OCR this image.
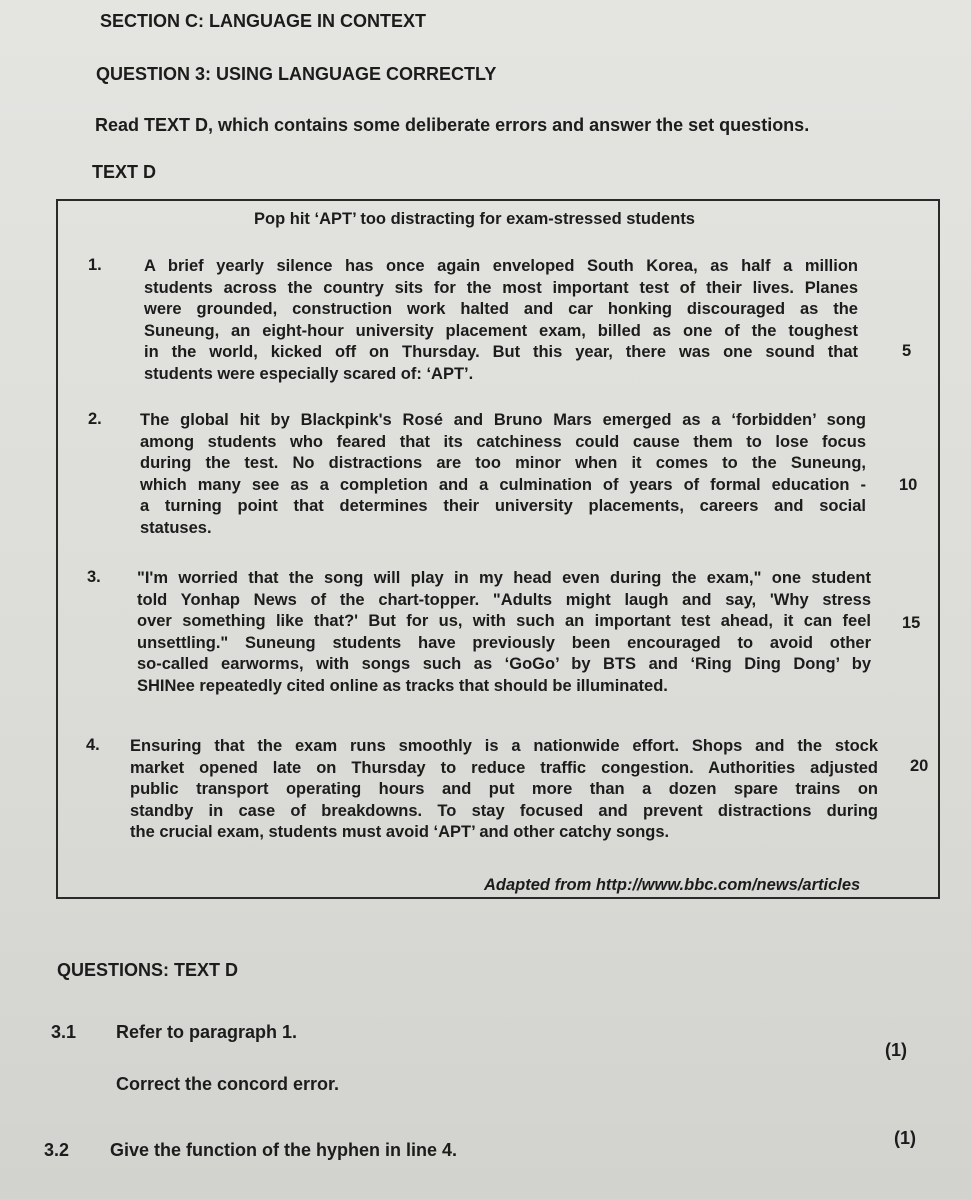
SECTION C: LANGUAGE IN CONTEXT
QUESTION 3: USING LANGUAGE CORRECTLY
Read TEXT D, which contains some deliberate errors and answer the set questions.
TEXT D
Pop hit ‘APT’ too distracting for exam-stressed students
1.	A brief yearly silence has once again enveloped South Korea, as half a million
students across the country sits for the most important test of their lives. Planes
were grounded, construction work halted and car honking discouraged as the
Suneung, an eight-hour university placement exam, billed as one of the toughest
in the world, kicked off on Thursday. But this year, there was one sound that
students were especially scared of: ‘APT’.
5
2. The global hit by Blackpink's Rosé and Bruno Mars emerged as a ‘forbidden’ song
among students who feared that its catchiness could cause them to lose focus
during the test. No distractions are too minor when it comes to the Suneung,
which many see as a completion and a culmination of years of formal education -
a turning point that determines their university placements, careers and social
statuses.
10
3. "I'm worried that the song will play in my head even during the exam," one student
told Yonhap News of the chart-topper. "Adults might laugh and say, 'Why stress
over something like that?' But for us, with such an important test ahead, it can feel
unsettling." Suneung students have previously been encouraged to avoid other
so-called earworms, with songs such as ‘GoGo’ by BTS and ‘Ring Ding Dong’ by
SHINee repeatedly cited online as tracks that should be illuminated.
15
4. Ensuring that the exam runs smoothly is a nationwide effort. Shops and the stock
market opened late on Thursday to reduce traffic congestion. Authorities adjusted
public transport operating hours and put more than a dozen spare trains on
standby in case of breakdowns. To stay focused and prevent distractions during
the crucial exam, students must avoid ‘APT’ and other catchy songs.
20
Adapted from http://www.bbc.com/news/articles
QUESTIONS: TEXT D
3.1 Refer to paragraph 1.
(1)
Correct the concord error.
3.2 Give the function of the hyphen in line 4.
(1)
